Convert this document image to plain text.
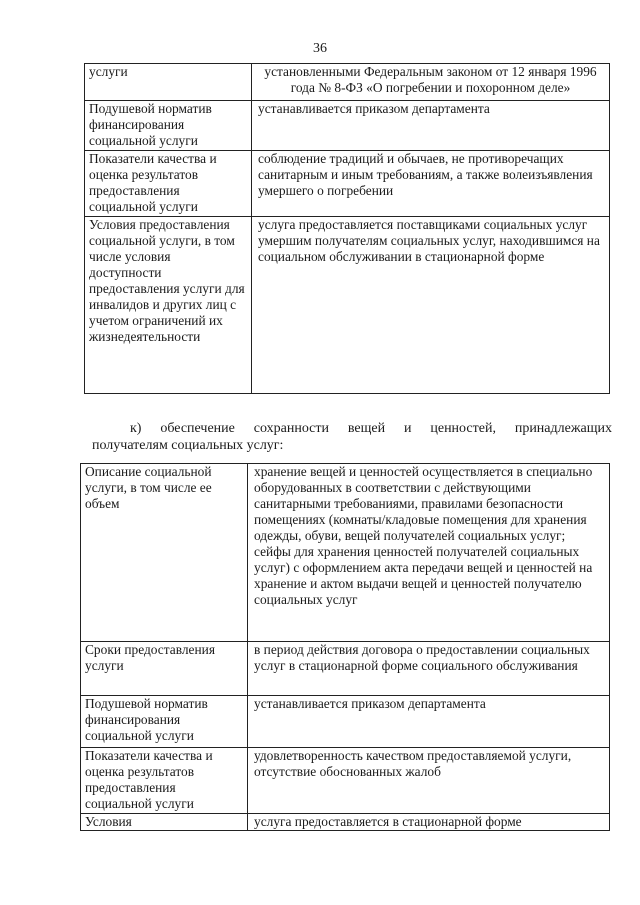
36
услуги	установленными Федеральным законом от 12 января 1996 года № 8-ФЗ «О погребении и похоронном деле»
Подушевой норматив финансирования социальной услуги	устанавливается приказом департамента
Показатели качества и оценка результатов предоставления социальной услуги	соблюдение традиций и обычаев, не противоречащих санитарным и иным требованиям, а также волеизъявления умершего о погребении
Условия предоставления социальной услуги, в том числе условия доступности предоставления услуги для инвалидов и других лиц с учетом ограничений их жизнедеятельности	услуга предоставляется поставщиками социальных услуг умершим получателям социальных услуг, находившимся на социальном обслуживании в стационарной форме
к) обеспечение сохранности вещей и ценностей, принадлежащих
получателям социальных услуг:
Описание социальной услуги, в том числе ее объем	хранение вещей и ценностей осуществляется в специально оборудованных в соответствии с действующими санитарными требованиями, правилами безопасности помещениях (комнаты/кладовые помещения для хранения одежды, обуви, вещей получателей социальных услуг; сейфы для хранения ценностей получателей социальных услуг) с оформлением акта передачи вещей и ценностей на хранение и актом выдачи вещей и ценностей получателю социальных услуг
Сроки предоставления услуги	в период действия договора о предоставлении социальных услуг в стационарной форме социального обслуживания
Подушевой норматив финансирования социальной услуги	устанавливается приказом департамента
Показатели качества и оценка результатов предоставления социальной услуги	удовлетворенность качеством предоставляемой услуги, отсутствие обоснованных жалоб
Условия	услуга предоставляется в стационарной форме
